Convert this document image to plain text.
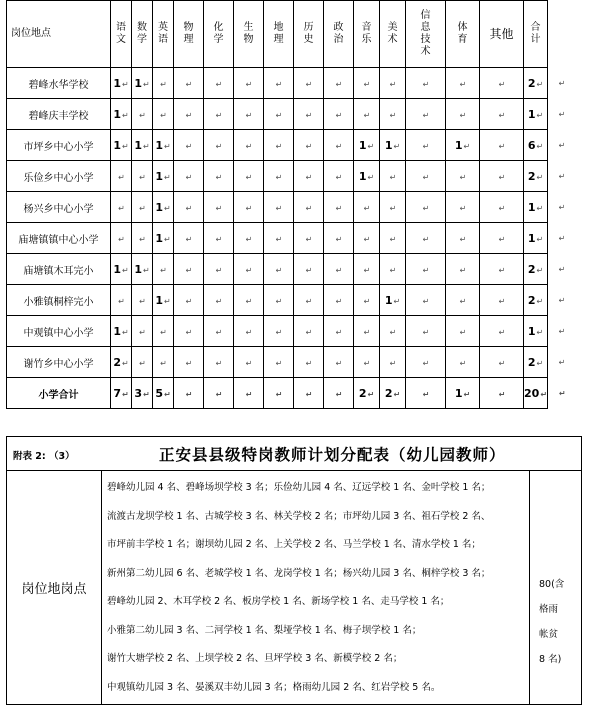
岗位地点	语文	数学	英语	物理	化学	生物	地理	历史	政治	音乐	美术	信息技术	体育	其他	合计	
碧峰水华学校	1↵	1↵	↵	↵	↵	↵	↵	↵	↵	↵	↵	↵	↵	↵	2↵	↵
碧峰庆丰学校	1↵	↵	↵	↵	↵	↵	↵	↵	↵	↵	↵	↵	↵	↵	1↵	↵
市坪乡中心小学	1↵	1↵	1↵	↵	↵	↵	↵	↵	↵	1↵	1↵	↵	1↵	↵	6↵	↵
乐俭乡中心小学	↵	↵	1↵	↵	↵	↵	↵	↵	↵	1↵	↵	↵	↵	↵	2↵	↵
杨兴乡中心小学	↵	↵	1↵	↵	↵	↵	↵	↵	↵	↵	↵	↵	↵	↵	1↵	↵
庙塘镇镇中心小学	↵	↵	1↵	↵	↵	↵	↵	↵	↵	↵	↵	↵	↵	↵	1↵	↵
庙塘镇木耳完小	1↵	1↵	↵	↵	↵	↵	↵	↵	↵	↵	↵	↵	↵	↵	2↵	↵
小雅镇桐梓完小	↵	↵	1↵	↵	↵	↵	↵	↵	↵	↵	1↵	↵	↵	↵	2↵	↵
中观镇中心小学	1↵	↵	↵	↵	↵	↵	↵	↵	↵	↵	↵	↵	↵	↵	1↵	↵
谢竹乡中心小学	2↵	↵	↵	↵	↵	↵	↵	↵	↵	↵	↵	↵	↵	↵	2↵	↵
小学合计	7↵	3↵	5↵	↵	↵	↵	↵	↵	↵	2↵	2↵	↵	1↵	↵	20↵	↵
附表 2: （3）	正安县县级特岗教师计划分配表（幼儿园教师）
岗位地岗点
碧峰幼儿园 4 名、碧峰场坝学校 3 名；乐俭幼儿园 4 名、辽远学校 1 名、金叶学校 1 名；
流渡古龙坝学校 1 名、古城学校 3 名、林关学校 2 名；市坪幼儿园 3 名、祖石学校 2 名、
市坪前丰学校 1 名；谢坝幼儿园 2 名、上关学校 2 名、马兰学校 1 名、清水学校 1 名；
新州第二幼儿园 6 名、老城学校 1 名、龙岗学校 1 名；杨兴幼儿园 3 名、桐梓学校 3 名；
碧峰幼儿园 2、木耳学校 2 名、板房学校 1 名、新场学校 1 名、走马学校 1 名；
小雅第二幼儿园 3 名、二河学校 1 名、梨垭学校 1 名、梅子坝学校 1 名；
谢竹大塘学校 2 名、上坝学校 2 名、旦坪学校 3 名、新模学校 2 名；
中观镇幼儿园 3 名、晏溪双丰幼儿园 3 名；格雨幼儿园 2 名、红岩学校 5 名。
80(含
格雨
帐贫
8 名)
